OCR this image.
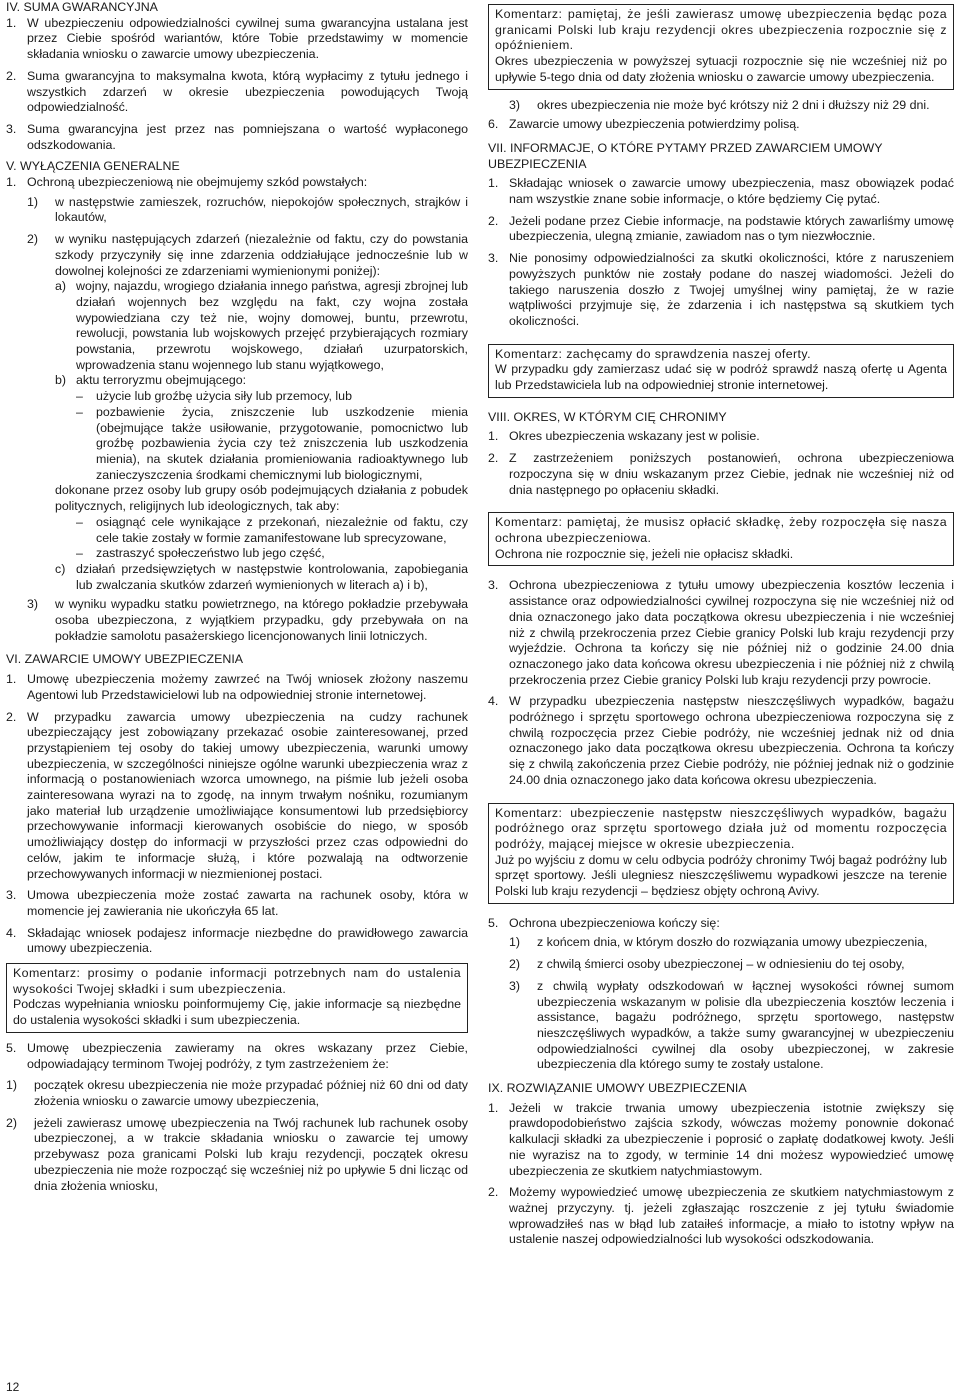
IV. SUMA GWARANCYJNA
1. W ubezpieczeniu odpowiedzialności cywilnej suma gwarancyjna ustalana jest przez Ciebie spośród wariantów, które Tobie przedstawimy w momencie składania wniosku o zawarcie umowy ubezpieczenia.
2. Suma gwarancyjna to maksymalna kwota, którą wypłacimy z tytułu jednego i wszystkich zdarzeń w okresie ubezpieczenia powodujących Twoją odpowiedzialność.
3. Suma gwarancyjna jest przez nas pomniejszana o wartość wypłaconego odszkodowania.
V. WYŁĄCZENIA GENERALNE
1. Ochroną ubezpieczeniową nie obejmujemy szkód powstałych:
1)	w następstwie zamieszek, rozruchów, niepokojów społecznych, strajków i lokautów,
2)	w wyniku następujących zdarzeń (niezależnie od faktu, czy do powstania szkody przyczyniły się inne zdarzenia oddziałujące jednocześnie lub w dowolnej kolejności ze zdarzeniami wymienionymi poniżej):
a) wojny, najazdu, wrogiego działania innego państwa, agresji zbrojnej lub działań wojennych bez względu na fakt, czy wojna została wypowiedziana czy też nie, wojny domowej, buntu, przewrotu, rewolucji, powstania lub wojskowych przejęć przybierających rozmiary powstania, przewrotu wojskowego, działań uzurpatorskich, wprowadzenia stanu wojennego lub stanu wyjątkowego,
b) aktu terroryzmu obejmującego:
–	użycie lub groźbę użycia siły lub przemocy, lub
–	pozbawienie życia, zniszczenie lub uszkodzenie mienia (obejmujące także usiłowanie, przygotowanie, pomocnictwo lub groźbę pozbawienia życia czy też zniszczenia lub uszkodzenia mienia), na skutek działania promieniowania radioaktywnego lub zanieczyszczenia środkami chemicznymi lub biologicznymi,
dokonane przez osoby lub grupy osób podejmujących działania z pobudek politycznych, religijnych lub ideologicznych, tak aby:
–	osiągnąć cele wynikające z przekonań, niezależnie od faktu, czy cele takie zostały w formie zamanifestowane lub sprecyzowane,
–	zastraszyć społeczeństwo lub jego część,
c) działań przedsięwziętych w następstwie kontrolowania, zapobiegania lub zwalczania skutków zdarzeń wymienionych w literach a) i b),
3)	w wyniku wypadku statku powietrznego, na którego pokładzie przebywała osoba ubezpieczona, z wyjątkiem przypadku, gdy przebywała on na pokładzie samolotu pasażerskiego licencjonowanych linii lotniczych.
VI. ZAWARCIE UMOWY UBEZPIECZENIA
1. Umowę ubezpieczenia możemy zawrzeć na Twój wniosek złożony naszemu Agentowi lub Przedstawicielowi lub na odpowiedniej stronie internetowej.
2. W przypadku zawarcia umowy ubezpieczenia na cudzy rachunek ubezpieczający jest zobowiązany przekazać osobie zainteresowanej, przed przystąpieniem tej osoby do takiej umowy ubezpieczenia, warunki umowy ubezpieczenia, w szczególności niniejsze ogólne warunki ubezpieczenia wraz z informacją o postanowieniach wzorca umownego, na piśmie lub jeżeli osoba zainteresowana wyrazi na to zgodę, na innym trwałym nośniku, rozumianym jako materiał lub urządzenie umożliwiające konsumentowi lub przedsiębiorcy przechowywanie informacji kierowanych osobiście do niego, w sposób umożliwiający dostęp do informacji w przyszłości przez czas odpowiedni do celów, jakim te informacje służą, i które pozwalają na odtworzenie przechowywanych informacji w niezmienionej postaci.
3. Umowa ubezpieczenia może zostać zawarta na rachunek osoby, która w momencie jej zawierania nie ukończyła 65 lat.
4. Składając wniosek podajesz informacje niezbędne do prawidłowego zawarcia umowy ubezpieczenia.
Komentarz: prosimy o podanie informacji potrzebnych nam do ustalenia wysokości Twojej składki i sum ubezpieczenia.
Podczas wypełniania wniosku poinformujemy Cię, jakie informacje są niezbędne do ustalenia wysokości składki i sum ubezpieczenia.
5. Umowę ubezpieczenia zawieramy na okres wskazany przez Ciebie, odpowiadający terminom Twojej podróży, z tym zastrzeżeniem że:
1)	początek okresu ubezpieczenia nie może przypadać później niż 60 dni od daty złożenia wniosku o zawarcie umowy ubezpieczenia,
2)	jeżeli zawierasz umowę ubezpieczenia na Twój rachunek lub rachunek osoby ubezpieczonej, a w trakcie składania wniosku o zawarcie tej umowy przebywasz poza granicami Polski lub kraju rezydencji, początek okresu ubezpieczenia nie może rozpocząć się wcześniej niż po upływie 5 dni licząc od dnia złożenia wniosku,
Komentarz: pamiętaj, że jeśli zawierasz umowę ubezpieczenia będąc poza granicami Polski lub kraju rezydencji okres ubezpieczenia rozpocznie się z opóźnieniem.
Okres ubezpieczenia w powyższej sytuacji rozpocznie się nie wcześniej niż po upływie 5-tego dnia od daty złożenia wniosku o zawarcie umowy ubezpieczenia.
3)	okres ubezpieczenia nie może być krótszy niż 2 dni i dłuższy niż 29 dni.
6. Zawarcie umowy ubezpieczenia potwierdzimy polisą.
VII. INFORMACJE, O KTÓRE PYTAMY PRZED ZAWARCIEM UMOWY UBEZPIECZENIA
1. Składając wniosek o zawarcie umowy ubezpieczenia, masz obowiązek podać nam wszystkie znane sobie informacje, o które będziemy Cię pytać.
2. Jeżeli podane przez Ciebie informacje, na podstawie których zawarliśmy umowę ubezpieczenia, ulegną zmianie, zawiadom nas o tym niezwłocznie.
3. Nie ponosimy odpowiedzialności za skutki okoliczności, które z naruszeniem powyższych punktów nie zostały podane do naszej wiadomości. Jeżeli do takiego naruszenia doszło z Twojej umyślnej winy pamiętaj, że w razie wątpliwości przyjmuje się, że zdarzenia i ich następstwa są skutkiem tych okoliczności.
Komentarz: zachęcamy do sprawdzenia naszej oferty.
W przypadku gdy zamierzasz udać się w podróż sprawdź naszą ofertę u Agenta lub Przedstawiciela lub na odpowiedniej stronie internetowej.
VIII. OKRES, W KTÓRYM CIĘ CHRONIMY
1. Okres ubezpieczenia wskazany jest w polisie.
2. Z zastrzeżeniem poniższych postanowień, ochrona ubezpieczeniowa rozpoczyna się w dniu wskazanym przez Ciebie, jednak nie wcześniej niż od dnia następnego po opłaceniu składki.
Komentarz: pamiętaj, że musisz opłacić składkę, żeby rozpoczęła się nasza ochrona ubezpieczeniowa.
Ochrona nie rozpocznie się, jeżeli nie opłacisz składki.
3. Ochrona ubezpieczeniowa z tytułu umowy ubezpieczenia kosztów leczenia i assistance oraz odpowiedzialności cywilnej rozpoczyna się nie wcześniej niż od dnia oznaczonego jako data początkowa okresu ubezpieczenia i nie wcześniej niż z chwilą przekroczenia przez Ciebie granicy Polski lub kraju rezydencji przy wyjeździe. Ochrona ta kończy się nie później niż o godzinie 24.00 dnia oznaczonego jako data końcowa okresu ubezpieczenia i nie później niż z chwilą przekroczenia przez Ciebie granicy Polski lub kraju rezydencji przy powrocie.
4. W przypadku ubezpieczenia następstw nieszczęśliwych wypadków, bagażu podróżnego i sprzętu sportowego ochrona ubezpieczeniowa rozpoczyna się z chwilą rozpoczęcia przez Ciebie podróży, nie wcześniej jednak niż od dnia oznaczonego jako data początkowa okresu ubezpieczenia. Ochrona ta kończy się z chwilą zakończenia przez Ciebie podróży, nie później jednak niż o godzinie 24.00 dnia oznaczonego jako data końcowa okresu ubezpieczenia.
Komentarz: ubezpieczenie następstw nieszczęśliwych wypadków, bagażu podróżnego oraz sprzętu sportowego działa już od momentu rozpoczęcia podróży, mającej miejsce w okresie ubezpieczenia.
Już po wyjściu z domu w celu odbycia podróży chronimy Twój bagaż podróżny lub sprzęt sportowy. Jeśli ulegniesz nieszczęśliwemu wypadkowi jeszcze na terenie Polski lub kraju rezydencji – będziesz objęty ochroną Avivy.
5. Ochrona ubezpieczeniowa kończy się:
1)	z końcem dnia, w którym doszło do rozwiązania umowy ubezpieczenia,
2)	z chwilą śmierci osoby ubezpieczonej – w odniesieniu do tej osoby,
3)	z chwilą wypłaty odszkodowań w łącznej wysokości równej sumom ubezpieczenia wskazanym w polisie dla ubezpieczenia kosztów leczenia i assistance, bagażu podróżnego, sprzętu sportowego, następstw nieszczęśliwych wypadków, a także sumy gwarancyjnej w ubezpieczeniu odpowiedzialności cywilnej dla osoby ubezpieczonej, w zakresie ubezpieczenia dla którego sumy te zostały ustalone.
IX. ROZWIĄZANIE UMOWY UBEZPIECZENIA
1. Jeżeli w trakcie trwania umowy ubezpieczenia istotnie zwiększy się prawdopodobieństwo zajścia szkody, wówczas możemy ponownie dokonać kalkulacji składki za ubezpieczenie i poprosić o zapłatę dodatkowej kwoty. Jeśli nie wyrazisz na to zgody, w terminie 14 dni możesz wypowiedzieć umowę ubezpieczenia ze skutkiem natychmiastowym.
2. Możemy wypowiedzieć umowę ubezpieczenia ze skutkiem natychmiastowym z ważnej przyczyny. tj. jeżeli zgłaszając roszczenie z jej tytułu świadomie wprowadziłeś nas w błąd lub zataiłeś informacje, a miało to istotny wpływ na ustalenie naszej odpowiedzialności lub wysokości odszkodowania.
12
